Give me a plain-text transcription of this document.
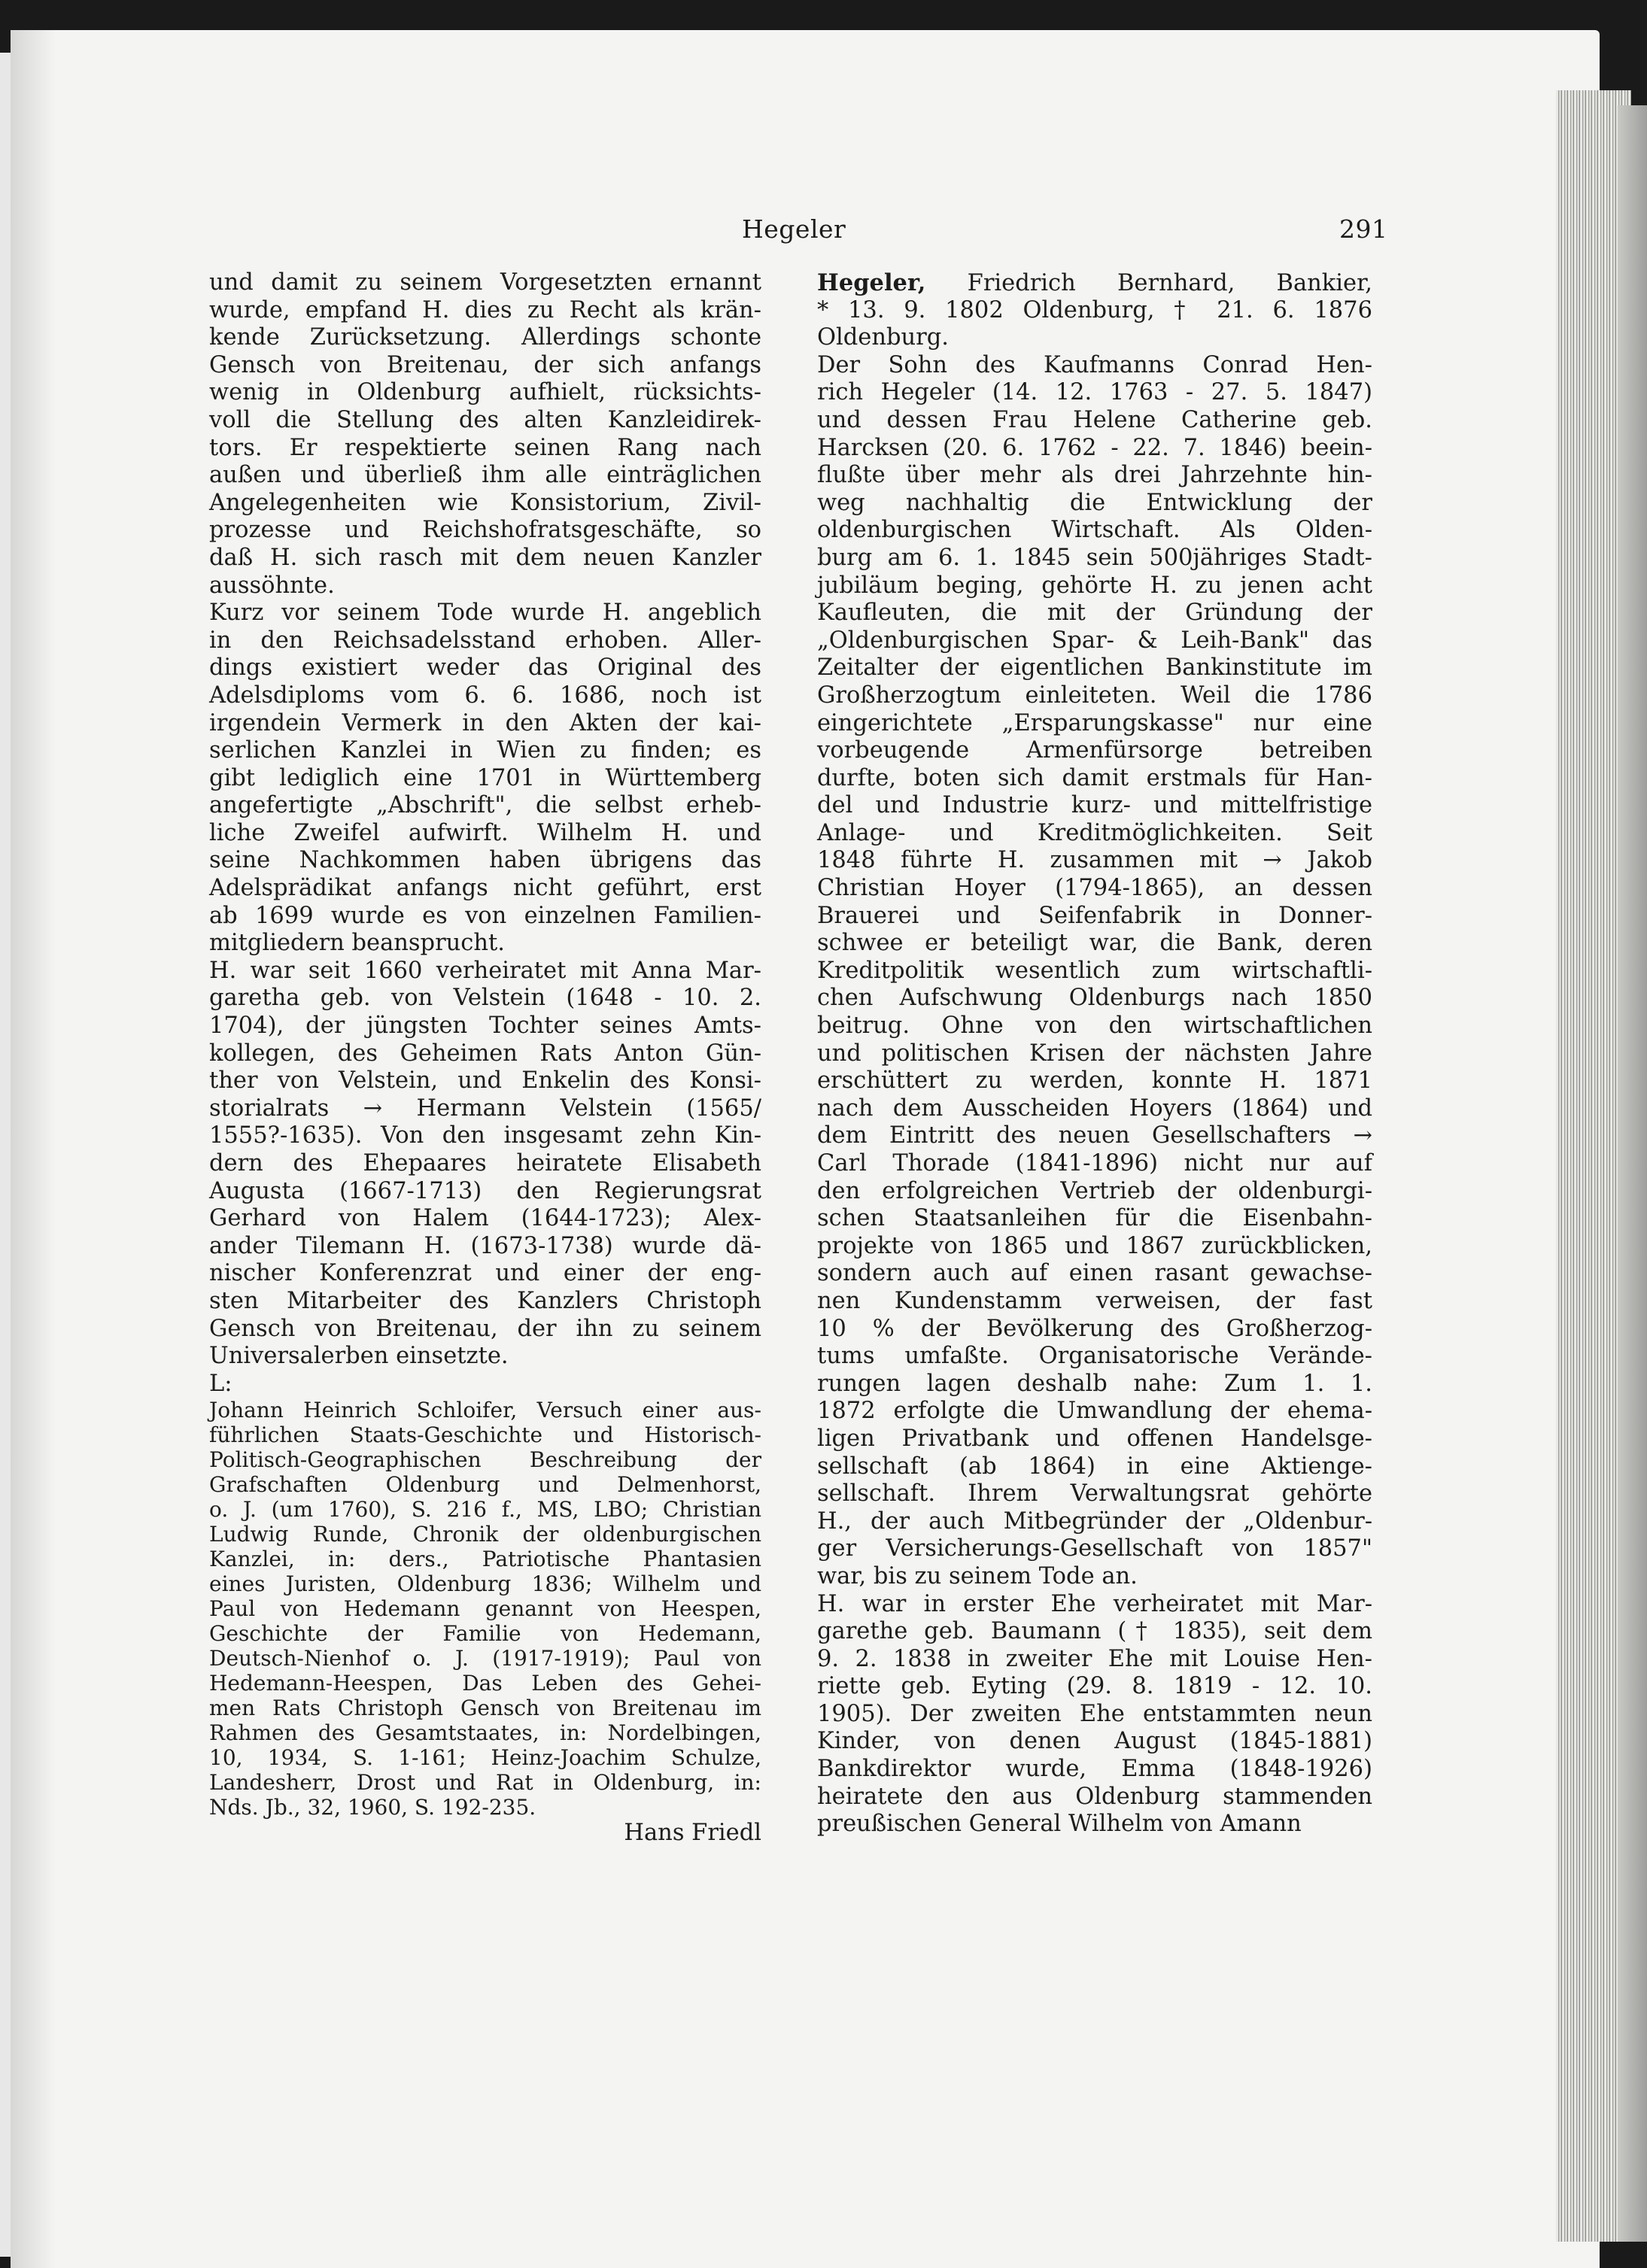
Hegeler	291
und damit zu seinem Vorgesetzten ernannt
wurde, empfand H. dies zu Recht als krän-
kende Zurücksetzung. Allerdings schonte
Gensch von Breitenau, der sich anfangs
wenig in Oldenburg aufhielt, rücksichts-
voll die Stellung des alten Kanzleidirek-
tors. Er respektierte seinen Rang nach
außen und überließ ihm alle einträglichen
Angelegenheiten wie Konsistorium, Zivil-
prozesse und Reichshofratsgeschäfte, so
daß H. sich rasch mit dem neuen Kanzler
aussöhnte.
Kurz vor seinem Tode wurde H. angeblich
in den Reichsadelsstand erhoben. Aller-
dings existiert weder das Original des
Adelsdiploms vom 6. 6. 1686, noch ist
irgendein Vermerk in den Akten der kai-
serlichen Kanzlei in Wien zu finden; es
gibt lediglich eine 1701 in Württemberg
angefertigte „Abschrift", die selbst erheb-
liche Zweifel aufwirft. Wilhelm H. und
seine Nachkommen haben übrigens das
Adelsprädikat anfangs nicht geführt, erst
ab 1699 wurde es von einzelnen Familien-
mitgliedern beansprucht.
H. war seit 1660 verheiratet mit Anna Mar-
garetha geb. von Velstein (1648 - 10. 2.
1704), der jüngsten Tochter seines Amts-
kollegen, des Geheimen Rats Anton Gün-
ther von Velstein, und Enkelin des Konsi-
storialrats → Hermann Velstein (1565/
1555?-1635). Von den insgesamt zehn Kin-
dern des Ehepaares heiratete Elisabeth
Augusta (1667-1713) den Regierungsrat
Gerhard von Halem (1644-1723); Alex-
ander Tilemann H. (1673-1738) wurde dä-
nischer Konferenzrat und einer der eng-
sten Mitarbeiter des Kanzlers Christoph
Gensch von Breitenau, der ihn zu seinem
Universalerben einsetzte.
L:
Johann Heinrich Schloifer, Versuch einer aus-
führlichen Staats-Geschichte und Historisch-
Politisch-Geographischen Beschreibung der
Grafschaften Oldenburg und Delmenhorst,
o. J. (um 1760), S. 216 f., MS, LBO; Christian
Ludwig Runde, Chronik der oldenburgischen
Kanzlei, in: ders., Patriotische Phantasien
eines Juristen, Oldenburg 1836; Wilhelm und
Paul von Hedemann genannt von Heespen,
Geschichte der Familie von Hedemann,
Deutsch-Nienhof o. J. (1917-1919); Paul von
Hedemann-Heespen, Das Leben des Gehei-
men Rats Christoph Gensch von Breitenau im
Rahmen des Gesamtstaates, in: Nordelbingen,
10, 1934, S. 1-161; Heinz-Joachim Schulze,
Landesherr, Drost und Rat in Oldenburg, in:
Nds. Jb., 32, 1960, S. 192-235.
Hans Friedl
Hegeler, Friedrich Bernhard, Bankier,
* 13. 9. 1802 Oldenburg, † 21. 6. 1876
Oldenburg.
Der Sohn des Kaufmanns Conrad Hen-
rich Hegeler (14. 12. 1763 - 27. 5. 1847)
und dessen Frau Helene Catherine geb.
Harcksen (20. 6. 1762 - 22. 7. 1846) beein-
flußte über mehr als drei Jahrzehnte hin-
weg nachhaltig die Entwicklung der
oldenburgischen Wirtschaft. Als Olden-
burg am 6. 1. 1845 sein 500jähriges Stadt-
jubiläum beging, gehörte H. zu jenen acht
Kaufleuten, die mit der Gründung der
„Oldenburgischen Spar- & Leih-Bank" das
Zeitalter der eigentlichen Bankinstitute im
Großherzogtum einleiteten. Weil die 1786
eingerichtete „Ersparungskasse" nur eine
vorbeugende Armenfürsorge betreiben
durfte, boten sich damit erstmals für Han-
del und Industrie kurz- und mittelfristige
Anlage- und Kreditmöglichkeiten. Seit
1848 führte H. zusammen mit → Jakob
Christian Hoyer (1794-1865), an dessen
Brauerei und Seifenfabrik in Donner-
schwee er beteiligt war, die Bank, deren
Kreditpolitik wesentlich zum wirtschaftli-
chen Aufschwung Oldenburgs nach 1850
beitrug. Ohne von den wirtschaftlichen
und politischen Krisen der nächsten Jahre
erschüttert zu werden, konnte H. 1871
nach dem Ausscheiden Hoyers (1864) und
dem Eintritt des neuen Gesellschafters →
Carl Thorade (1841-1896) nicht nur auf
den erfolgreichen Vertrieb der oldenburgi-
schen Staatsanleihen für die Eisenbahn-
projekte von 1865 und 1867 zurückblicken,
sondern auch auf einen rasant gewachse-
nen Kundenstamm verweisen, der fast
10 % der Bevölkerung des Großherzog-
tums umfaßte. Organisatorische Verände-
rungen lagen deshalb nahe: Zum 1. 1.
1872 erfolgte die Umwandlung der ehema-
ligen Privatbank und offenen Handelsge-
sellschaft (ab 1864) in eine Aktienge-
sellschaft. Ihrem Verwaltungsrat gehörte
H., der auch Mitbegründer der „Oldenbur-
ger Versicherungs-Gesellschaft von 1857"
war, bis zu seinem Tode an.
H. war in erster Ehe verheiratet mit Mar-
garethe geb. Baumann († 1835), seit dem
9. 2. 1838 in zweiter Ehe mit Louise Hen-
riette geb. Eyting (29. 8. 1819 - 12. 10.
1905). Der zweiten Ehe entstammten neun
Kinder, von denen August (1845-1881)
Bankdirektor wurde, Emma (1848-1926)
heiratete den aus Oldenburg stammenden
preußischen General Wilhelm von Amann
